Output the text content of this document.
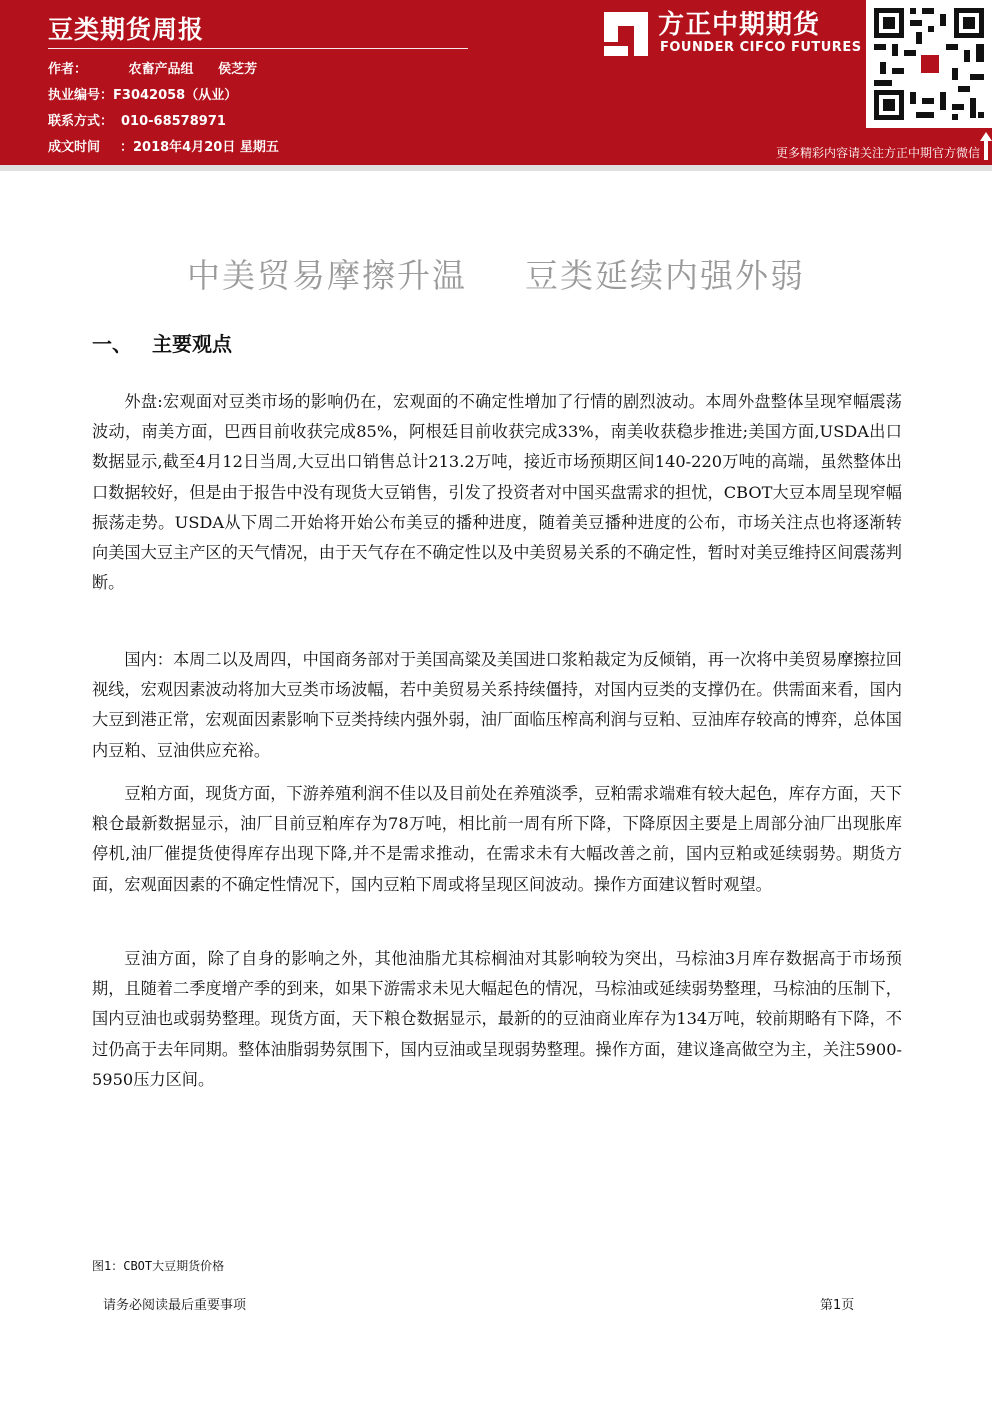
豆类期货周报
作者：	农畜产品组 侯芝芳
执业编号：F3042058（从业）
联系方式： 010-68578971
成文时间 ：2018年4月20日 星期五
方正中期期货
FOUNDER CIFCO FUTURES
更多精彩内容请关注方正中期官方微信
中美贸易摩擦升温 豆类延续内强外弱
一、 主要观点
外盘:宏观面对豆类市场的影响仍在，宏观面的不确定性增加了行情的剧烈波动。本周外盘整体呈现窄幅震荡波动，南美方面，巴西目前收获完成85%，阿根廷目前收获完成33%，南美收获稳步推进;美国方面,USDA出口数据显示,截至4月12日当周,大豆出口销售总计213.2万吨，接近市场预期区间140-220万吨的高端，虽然整体出口数据较好，但是由于报告中没有现货大豆销售，引发了投资者对中国买盘需求的担忧，CBOT大豆本周呈现窄幅振荡走势。USDA从下周二开始将开始公布美豆的播种进度，随着美豆播种进度的公布，市场关注点也将逐渐转向美国大豆主产区的天气情况，由于天气存在不确定性以及中美贸易关系的不确定性，暂时对美豆维持区间震荡判断。
国内：本周二以及周四，中国商务部对于美国高粱及美国进口浆粕裁定为反倾销，再一次将中美贸易摩擦拉回视线，宏观因素波动将加大豆类市场波幅，若中美贸易关系持续僵持，对国内豆类的支撑仍在。供需面来看，国内大豆到港正常，宏观面因素影响下豆类持续内强外弱，油厂面临压榨高利润与豆粕、豆油库存较高的博弈，总体国内豆粕、豆油供应充裕。
豆粕方面，现货方面，下游养殖利润不佳以及目前处在养殖淡季，豆粕需求端难有较大起色，库存方面，天下粮仓最新数据显示，油厂目前豆粕库存为78万吨，相比前一周有所下降，下降原因主要是上周部分油厂出现胀库停机,油厂催提货使得库存出现下降,并不是需求推动，在需求未有大幅改善之前，国内豆粕或延续弱势。期货方面，宏观面因素的不确定性情况下，国内豆粕下周或将呈现区间波动。操作方面建议暂时观望。
豆油方面，除了自身的影响之外，其他油脂尤其棕榈油对其影响较为突出，马棕油3月库存数据高于市场预期，且随着二季度增产季的到来，如果下游需求未见大幅起色的情况，马棕油或延续弱势整理，马棕油的压制下，国内豆油也或弱势整理。现货方面，天下粮仓数据显示，最新的的豆油商业库存为134万吨，较前期略有下降，不过仍高于去年同期。整体油脂弱势氛围下，国内豆油或呈现弱势整理。操作方面，建议逢高做空为主，关注5900-5950压力区间。
图1：CBOT大豆期货价格
请务必阅读最后重要事项	第1页
